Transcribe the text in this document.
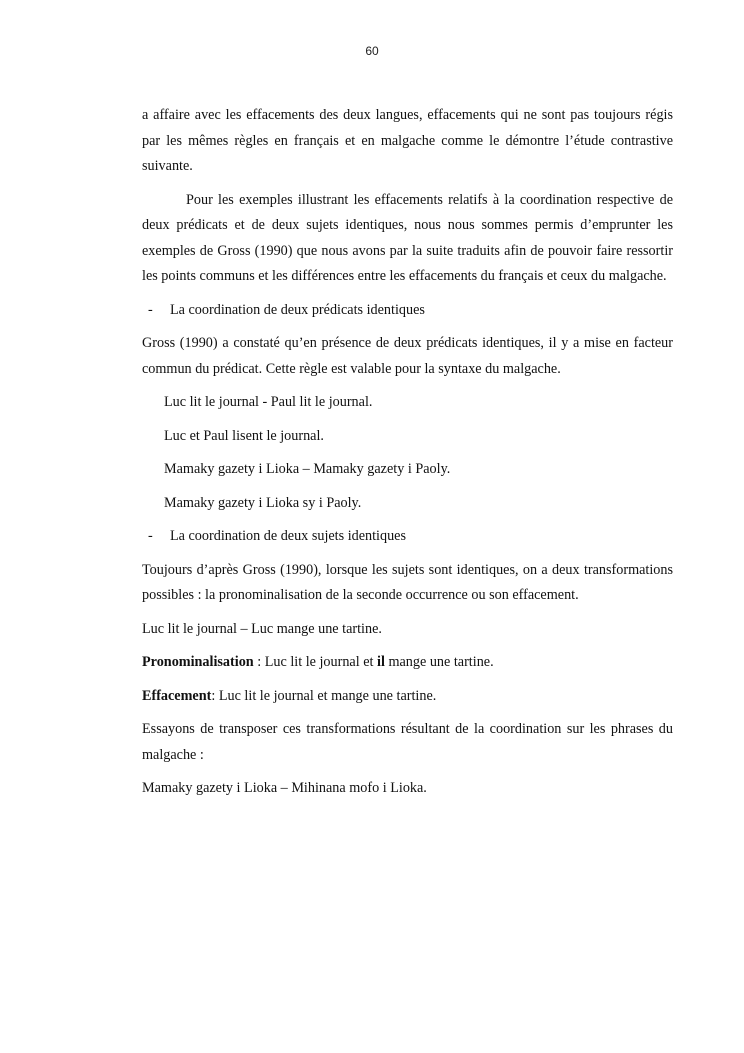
60

a affaire avec les effacements des deux langues, effacements qui ne sont pas toujours régis par les mêmes règles en français et en malgache comme le démontre l’étude contrastive suivante.

Pour les exemples illustrant les effacements relatifs à la coordination respective de deux prédicats et de deux sujets identiques, nous nous sommes permis d’emprunter les exemples de Gross (1990) que nous avons par la suite traduits afin de pouvoir faire ressortir les points communs et les différences entre les effacements du français et ceux du malgache.

-	La coordination de deux prédicats identiques

Gross (1990) a constaté qu’en présence de deux prédicats identiques, il y a mise en facteur commun du prédicat. Cette règle est valable pour la syntaxe du malgache.

Luc lit le journal - Paul lit le journal.

Luc et Paul lisent le journal.

Mamaky gazety i Lioka – Mamaky gazety i Paoly.

Mamaky gazety i Lioka sy i Paoly.

-	La coordination de deux sujets identiques

Toujours d’après Gross (1990), lorsque les sujets sont identiques, on a deux transformations possibles : la pronominalisation de la seconde occurrence ou son effacement.

Luc lit le journal – Luc mange une tartine.

Pronominalisation : Luc lit le journal et il mange une tartine.

Effacement: Luc lit le journal et mange une tartine.

Essayons de transposer ces transformations résultant de la coordination sur les phrases du malgache :

Mamaky gazety i Lioka – Mihinana mofo i Lioka.
